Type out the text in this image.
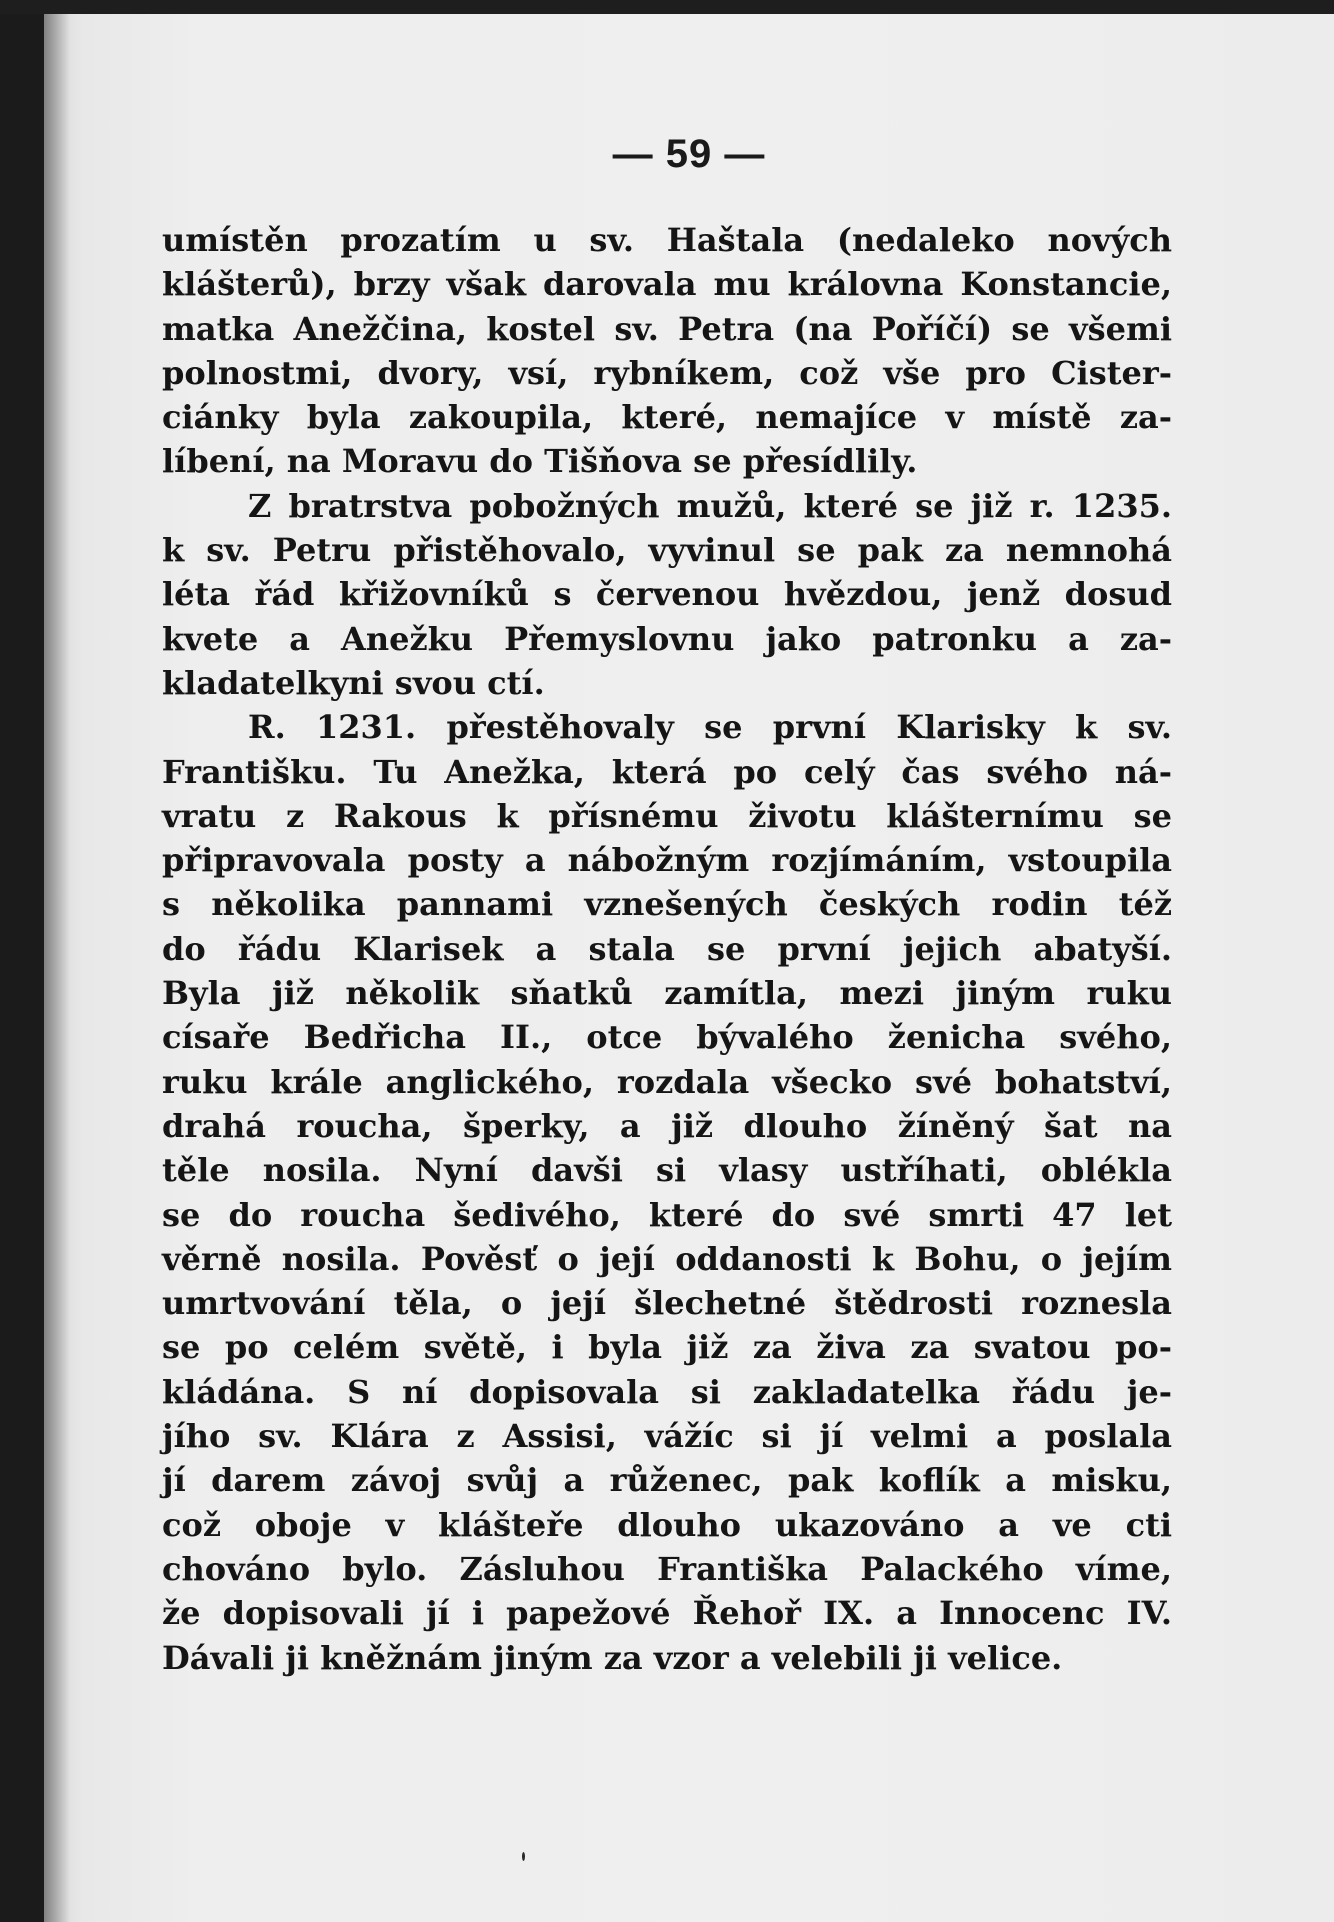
— 59 —
umístěn prozatím u sv. Haštala (nedaleko nových
klášterů), brzy však darovala mu královna Konstancie,
matka Anežčina, kostel sv. Petra (na Poříčí) se všemi
polnostmi, dvory, vsí, rybníkem, což vše pro Cister-
ciánky byla zakoupila, které, nemajíce v místě za-
líbení, na Moravu do Tišňova se přesídlily.
Z bratrstva pobožných mužů, které se již r. 1235.
k sv. Petru přistěhovalo, vyvinul se pak za nemnohá
léta řád křižovníků s červenou hvězdou, jenž dosud
kvete a Anežku Přemyslovnu jako patronku a za-
kladatelkyni svou ctí.
R. 1231. přestěhovaly se první Klarisky k sv.
Františku. Tu Anežka, která po celý čas svého ná-
vratu z Rakous k přísnému životu klášternímu se
připravovala posty a nábožným rozjímáním, vstoupila
s několika pannami vznešených českých rodin též
do řádu Klarisek a stala se první jejich abatyší.
Byla již několik sňatků zamítla, mezi jiným ruku
císaře Bedřicha II., otce bývalého ženicha svého,
ruku krále anglického, rozdala všecko své bohatství,
drahá roucha, šperky, a již dlouho žíněný šat na
těle nosila. Nyní davši si vlasy ustříhati, oblékla
se do roucha šedivého, které do své smrti 47 let
věrně nosila. Pověsť o její oddanosti k Bohu, o jejím
umrtvování těla, o její šlechetné štědrosti roznesla
se po celém světě, i byla již za živa za svatou po-
kládána. S ní dopisovala si zakladatelka řádu je-
jího sv. Klára z Assisi, vážíc si jí velmi a poslala
jí darem závoj svůj a růženec, pak koflík a misku,
což oboje v klášteře dlouho ukazováno a ve cti
chováno bylo. Zásluhou Františka Palackého víme,
že dopisovali jí i papežové Řehoř IX. a Innocenc IV.
Dávali ji kněžnám jiným za vzor a velebili ji velice.
